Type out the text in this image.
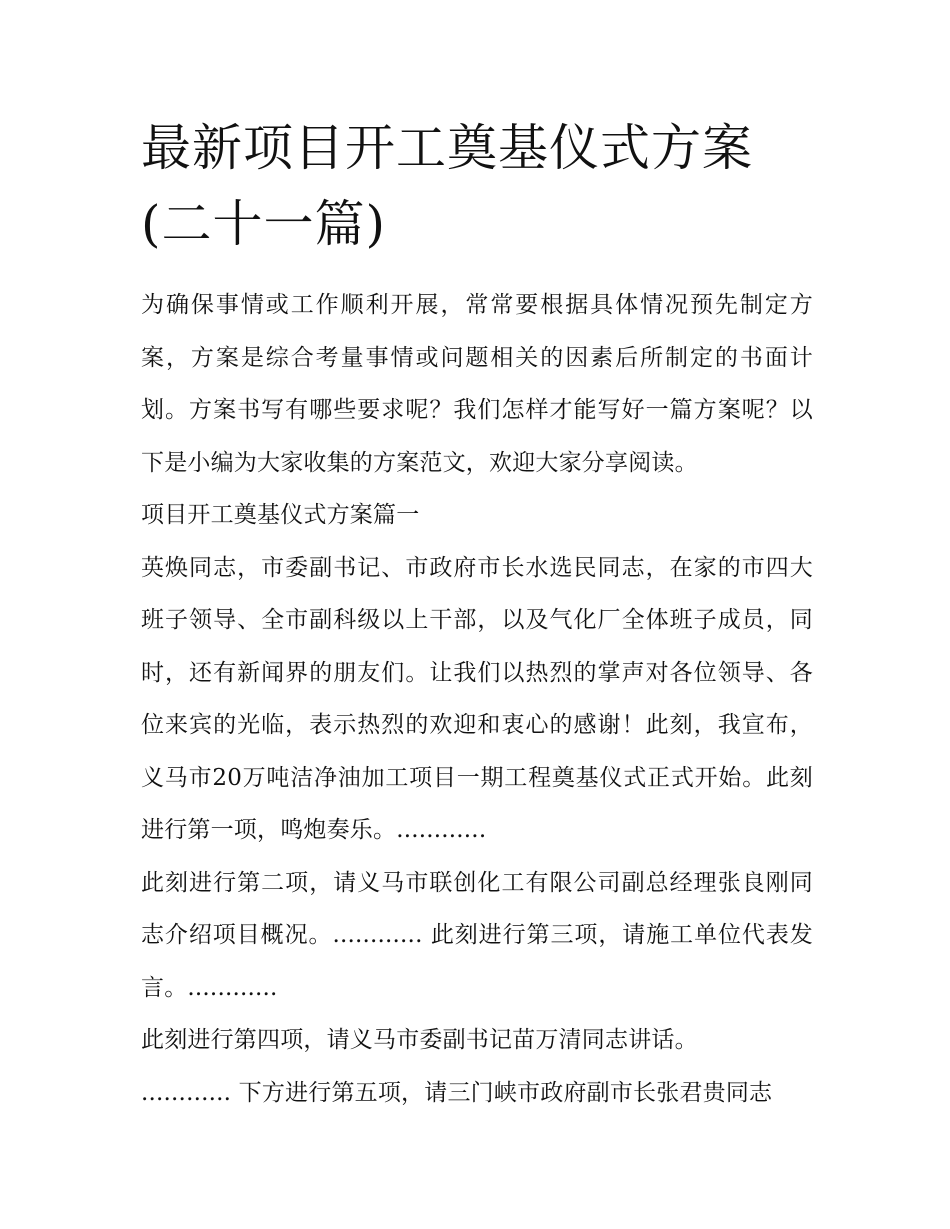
最新项目开工奠基仪式方案(二十一篇)

为确保事情或工作顺利开展，常常要根据具体情况预先制定方案，方案是综合考量事情或问题相关的因素后所制定的书面计划。方案书写有哪些要求呢？我们怎样才能写好一篇方案呢？以下是小编为大家收集的方案范文，欢迎大家分享阅读。

项目开工奠基仪式方案篇一

英焕同志，市委副书记、市政府市长水选民同志，在家的市四大班子领导、全市副科级以上干部，以及气化厂全体班子成员，同时，还有新闻界的朋友们。让我们以热烈的掌声对各位领导、各位来宾的光临，表示热烈的欢迎和衷心的感谢！此刻，我宣布，义马市20万吨洁净油加工项目一期工程奠基仪式正式开始。此刻进行第一项，鸣炮奏乐。............

此刻进行第二项，请义马市联创化工有限公司副总经理张良刚同志介绍项目概况。............ 此刻进行第三项，请施工单位代表发言。............

此刻进行第四项，请义马市委副书记苗万清同志讲话。

............ 下方进行第五项，请三门峡市政府副市长张君贵同志
